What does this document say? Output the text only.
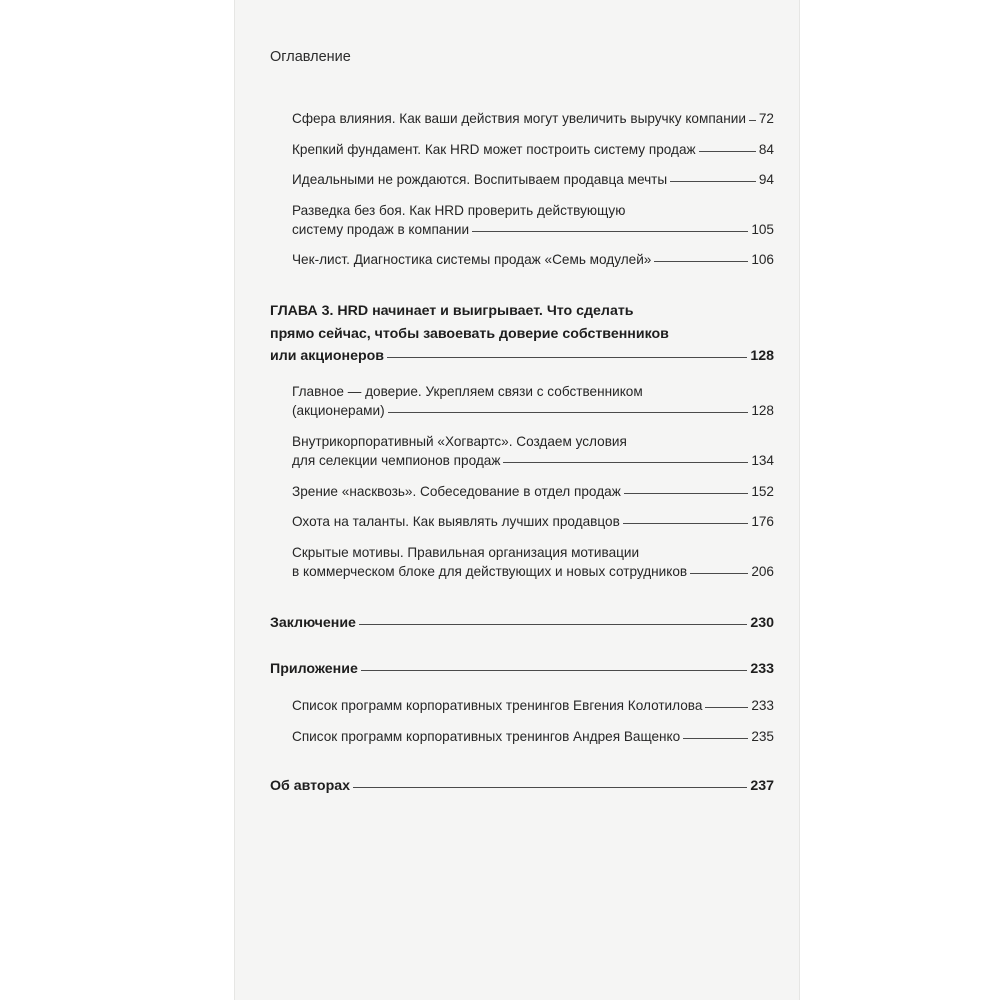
Оглавление
Сфера влияния. Как ваши действия могут увеличить выручку компании 72
Крепкий фундамент. Как HRD может построить систему продаж	84
Идеальными не рождаются. Воспитываем продавца мечты	94
Разведка без боя. Как HRD проверить действующую
систему продаж в компании	105
Чек-лист. Диагностика системы продаж «Семь модулей»	106
ГЛАВА 3. HRD начинает и выигрывает. Что сделать
прямо сейчас, чтобы завоевать доверие собственников
или акционеров	128
Главное — доверие. Укрепляем связи с собственником
(акционерами)	128
Внутрикорпоративный «Хогвартс». Создаем условия
для селекции чемпионов продаж	134
Зрение «насквозь». Собеседование в отдел продаж	152
Охота на таланты. Как выявлять лучших продавцов	176
Скрытые мотивы. Правильная организация мотивации
в коммерческом блоке для действующих и новых сотрудников	206
Заключение	230
Приложение	233
Список программ корпоративных тренингов Евгения Колотилова	233
Список программ корпоративных тренингов Андрея Ващенко	235
Об авторах	237
